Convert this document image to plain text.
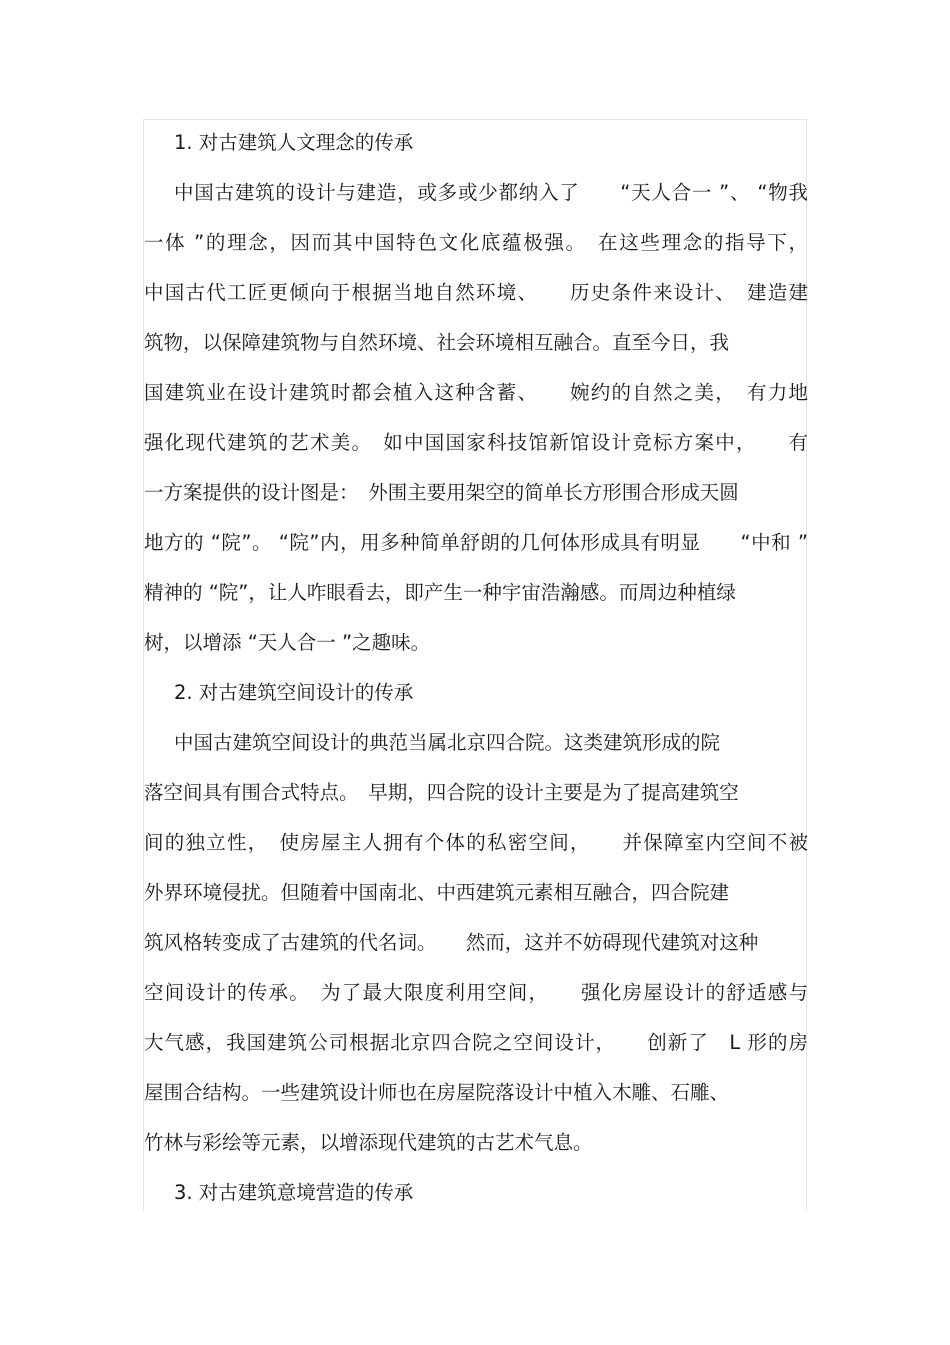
1. 对古建筑人文理念的传承
中国古建筑的设计与建造，或多或少都纳入了　　“天人合一 ”、 “物我
一体 ”的理念，因而其中国特色文化底蕴极强。　在这些理念的指导下，
中国古代工匠更倾向于根据当地自然环境、　　历史条件来设计、　建造建
筑物，以保障建筑物与自然环境、社会环境相互融合。直至今日，我
国建筑业在设计建筑时都会植入这种含蓄、　　婉约的自然之美，　有力地
强化现代建筑的艺术美。　如中国国家科技馆新馆设计竞标方案中，　　有
一方案提供的设计图是：　外围主要用架空的简单长方形围合形成天圆
地方的 “院”。 “院”内，用多种简单舒朗的几何体形成具有明显　　“中和 ”
精神的 “院”，让人咋眼看去，即产生一种宇宙浩瀚感。而周边种植绿
树，以增添 “天人合一 ”之趣味。
2. 对古建筑空间设计的传承
中国古建筑空间设计的典范当属北京四合院。这类建筑形成的院
落空间具有围合式特点。　早期，四合院的设计主要是为了提高建筑空
间的独立性，　使房屋主人拥有个体的私密空间，　　并保障室内空间不被
外界环境侵扰。但随着中国南北、中西建筑元素相互融合，四合院建
筑风格转变成了古建筑的代名词。　　然而，这并不妨碍现代建筑对这种
空间设计的传承。　为了最大限度利用空间，　　强化房屋设计的舒适感与
大气感，我国建筑公司根据北京四合院之空间设计，　　创新了　L 形的房
屋围合结构。一些建筑设计师也在房屋院落设计中植入木雕、石雕、
竹林与彩绘等元素，以增添现代建筑的古艺术气息。
3. 对古建筑意境营造的传承
